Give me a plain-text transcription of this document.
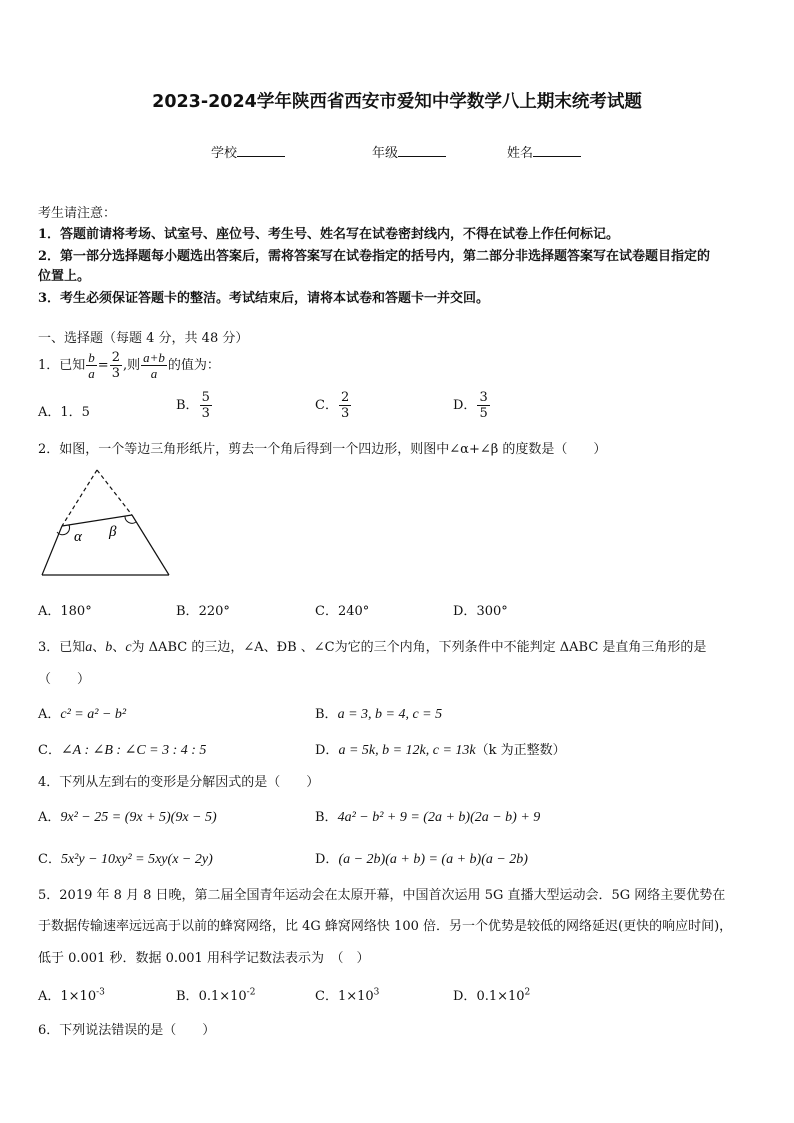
2023-2024学年陕西省西安市爱知中学数学八上期末统考试题
学校	年级	姓名
考生请注意：
1．答题前请将考场、试室号、座位号、考生号、姓名写在试卷密封线内，不得在试卷上作任何标记。
2．第一部分选择题每小题选出答案后，需将答案写在试卷指定的括号内，第二部分非选择题答案写在试卷题目指定的
位置上。
3．考生必须保证答题卡的整洁。考试结束后，请将本试卷和答题卡一并交回。
一、选择题（每题 4 分，共 48 分）
1．已知 $\frac{b}{a} = \frac{2}{3}$ ,则 $\frac{a+b}{a}$ 的值为：
A．1．5	B． $\frac{5}{3}$	C． $\frac{2}{3}$	D． $\frac{3}{5}$
2．如图，一个等边三角形纸片，剪去一个角后得到一个四边形，则图中∠α+∠β 的度数是（　　）
α β
A．180°	B．220°	C．240°	D．300°
3．已知a、b、c为 ΔABC 的三边，∠A、ÐB 、∠C为它的三个内角，下列条件中不能判定 ΔABC 是直角三角形的是
（　　）
A．c² = a² − b²	B．a = 3, b = 4, c = 5
C．∠A : ∠B : ∠C = 3 : 4 : 5	D．a = 5k, b = 12k, c = 13k（k 为正整数）
4．下列从左到右的变形是分解因式的是（　　）
A．9x² − 25 = (9x + 5)(9x − 5)	B．4a² − b² + 9 = (2a + b)(2a − b) + 9
C．5x²y − 10xy² = 5xy(x − 2y)	D．(a − 2b)(a + b) = (a + b)(a − 2b)
5．2019 年 8 月 8 日晚，第二届全国青年运动会在太原开幕，中国首次运用 5G 直播大型运动会．5G 网络主要优势在
于数据传输速率远远高于以前的蜂窝网络，比 4G 蜂窝网络快 100 倍．另一个优势是较低的网络延迟(更快的响应时间)，
低于 0.001 秒．数据 0.001 用科学记数法表示为　（　）
A．$1\times 10^{-3}$	B．$0.1\times 10^{-2}$	C．$1\times 10^3$	D．$0.1\times 10^2$
6．下列说法错误的是（　　）
